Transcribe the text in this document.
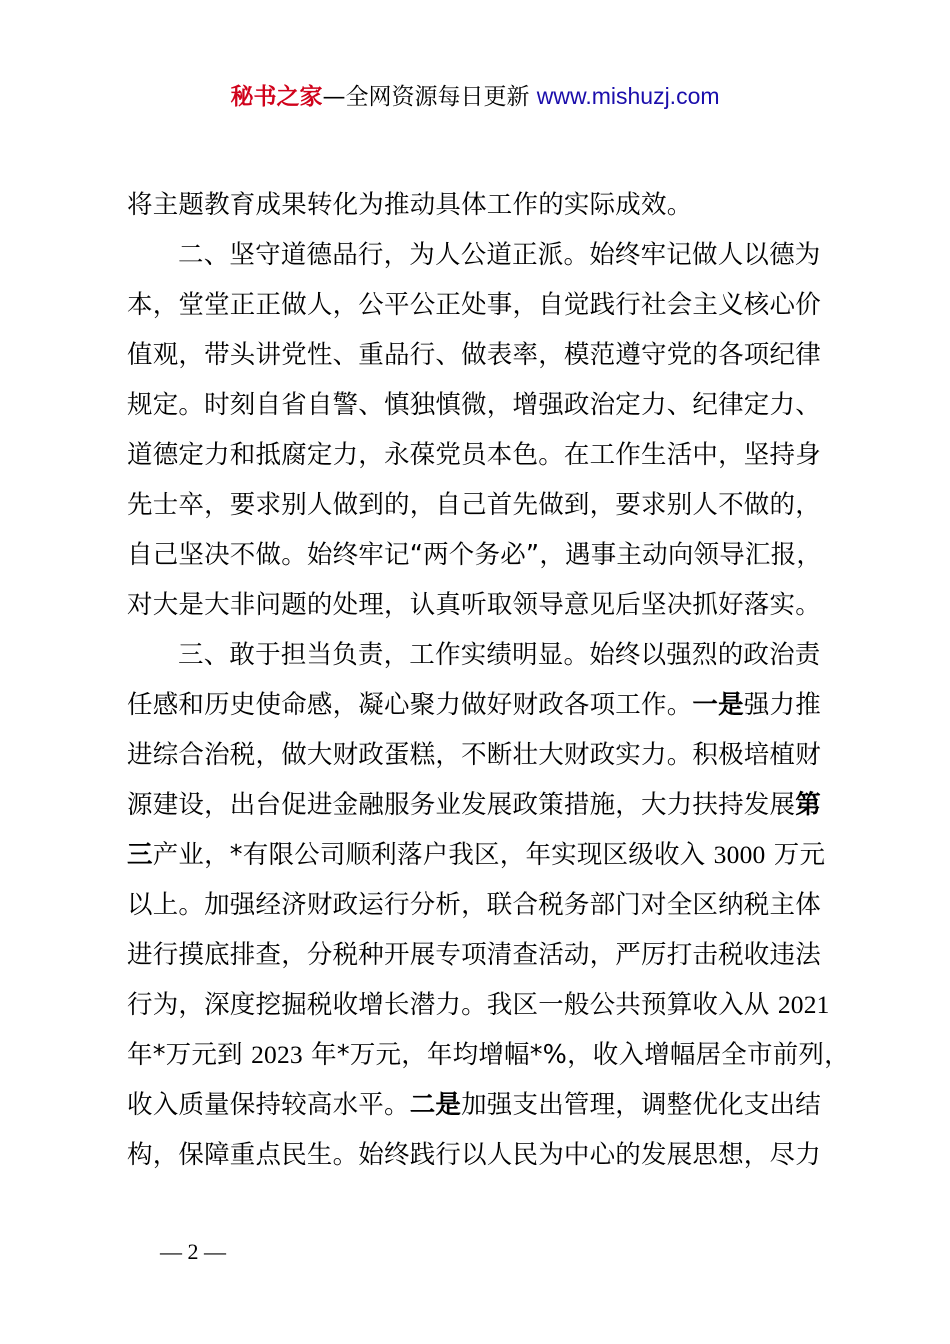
秘书之家—全网资源每日更新 www.mishuzj.com
将主题教育成果转化为推动具体工作的实际成效。
二、坚守道德品行，为人公道正派。始终牢记做人以德为
本，堂堂正正做人，公平公正处事，自觉践行社会主义核心价
值观，带头讲党性、重品行、做表率，模范遵守党的各项纪律
规定。时刻自省自警、慎独慎微，增强政治定力、纪律定力、
道德定力和抵腐定力，永葆党员本色。在工作生活中，坚持身
先士卒，要求别人做到的，自己首先做到，要求别人不做的，
自己坚决不做。始终牢记“两个务必”，遇事主动向领导汇报，
对大是大非问题的处理，认真听取领导意见后坚决抓好落实。
三、敢于担当负责，工作实绩明显。始终以强烈的政治责
任感和历史使命感，凝心聚力做好财政各项工作。一是强力推
进综合治税，做大财政蛋糕，不断壮大财政实力。积极培植财
源建设，出台促进金融服务业发展政策措施，大力扶持发展第
三产业，*有限公司顺利落户我区，年实现区级收入 3000 万元
以上。加强经济财政运行分析，联合税务部门对全区纳税主体
进行摸底排查，分税种开展专项清查活动，严厉打击税收违法
行为，深度挖掘税收增长潜力。我区一般公共预算收入从 2021
年*万元到 2023 年*万元，年均增幅*%，收入增幅居全市前列，
收入质量保持较高水平。二是加强支出管理，调整优化支出结
构，保障重点民生。始终践行以人民为中心的发展思想，尽力
— 2 —
